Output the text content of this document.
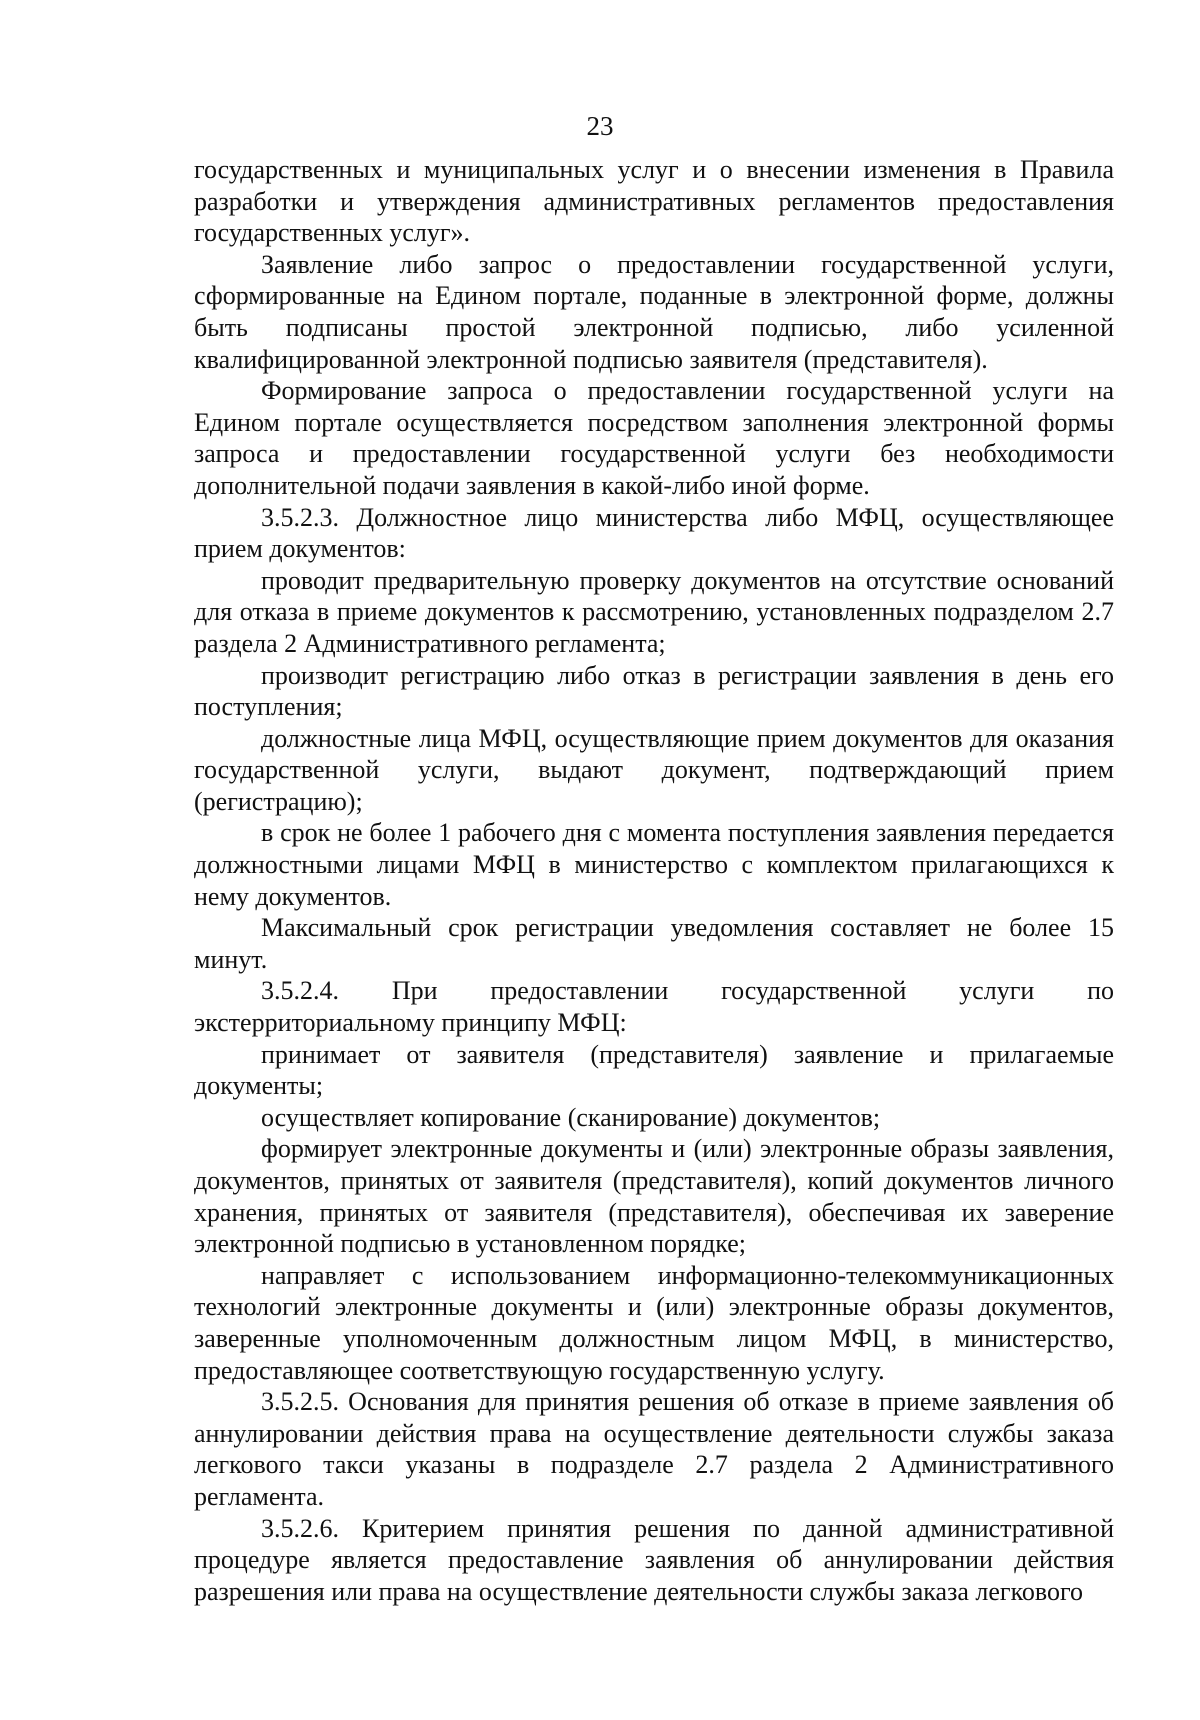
23

государственных и муниципальных услуг и о внесении изменения в Правила разработки и утверждения административных регламентов предоставления государственных услуг».

Заявление либо запрос о предоставлении государственной услуги, сформированные на Едином портале, поданные в электронной форме, должны быть подписаны простой электронной подписью, либо усиленной квалифицированной электронной подписью заявителя (представителя).

Формирование запроса о предоставлении государственной услуги на Едином портале осуществляется посредством заполнения электронной формы запроса и предоставлении государственной услуги без необходимости дополнительной подачи заявления в какой-либо иной форме.

3.5.2.3. Должностное лицо министерства либо МФЦ, осуществляющее прием документов:

проводит предварительную проверку документов на отсутствие оснований для отказа в приеме документов к рассмотрению, установленных подразделом 2.7 раздела 2 Административного регламента;

производит регистрацию либо отказ в регистрации заявления в день его поступления;

должностные лица МФЦ, осуществляющие прием документов для оказания государственной услуги, выдают документ, подтверждающий прием (регистрацию);

в срок не более 1 рабочего дня с момента поступления заявления передается должностными лицами МФЦ в министерство с комплектом прилагающихся к нему документов.

Максимальный срок регистрации уведомления составляет не более 15 минут.

3.5.2.4. При предоставлении государственной услуги по экстерриториальному принципу МФЦ:

принимает от заявителя (представителя) заявление и прилагаемые документы;

осуществляет копирование (сканирование) документов;

формирует электронные документы и (или) электронные образы заявления, документов, принятых от заявителя (представителя), копий документов личного хранения, принятых от заявителя (представителя), обеспечивая их заверение электронной подписью в установленном порядке;

направляет с использованием информационно-телекоммуникационных технологий электронные документы и (или) электронные образы документов, заверенные уполномоченным должностным лицом МФЦ, в министерство, предоставляющее соответствующую государственную услугу.

3.5.2.5. Основания для принятия решения об отказе в приеме заявления об аннулировании действия права на осуществление деятельности службы заказа легкового такси указаны в подразделе 2.7 раздела 2 Административного регламента.

3.5.2.6. Критерием принятия решения по данной административной процедуре является предоставление заявления об аннулировании действия разрешения или права на осуществление деятельности службы заказа легкового
